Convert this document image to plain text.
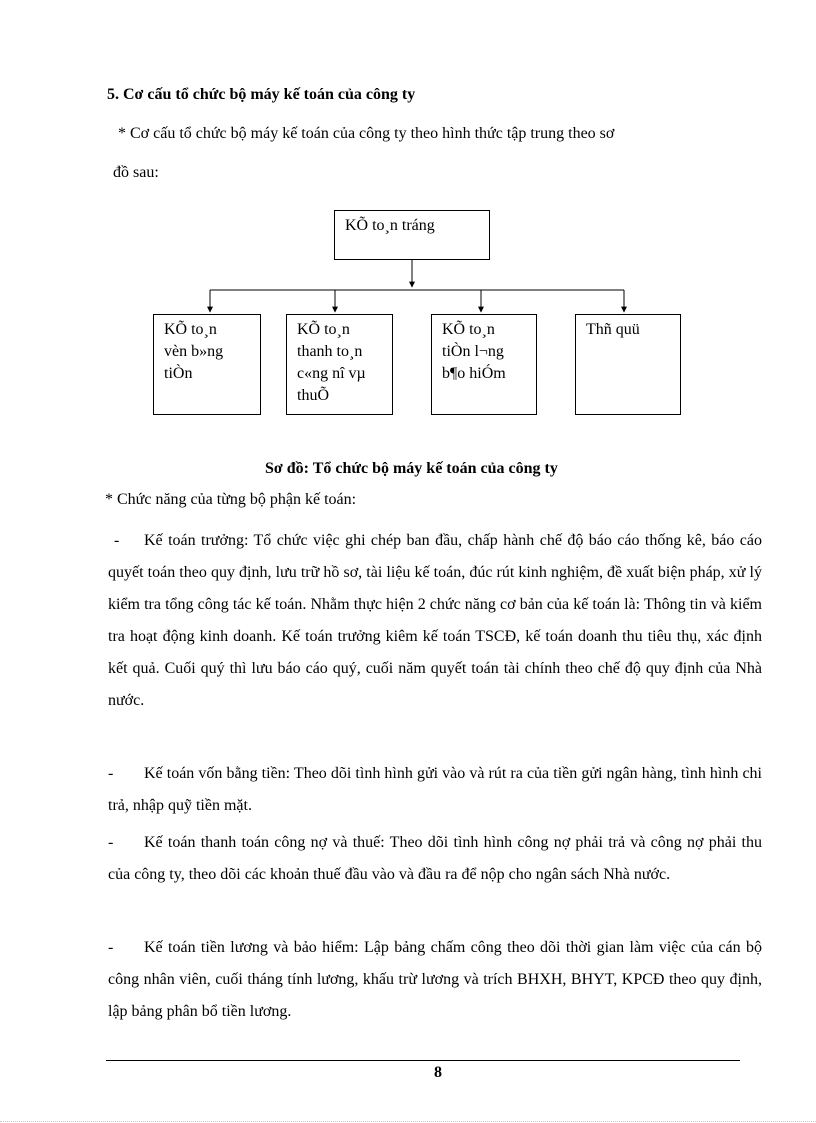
5. Cơ cấu tổ chức bộ máy kế toán của công ty
* Cơ cấu tổ chức bộ máy kế toán của công ty theo hình thức tập trung theo sơ
đồ sau:
KÕ to¸n tráng
KÕ to¸n
vèn b»ng
tiÒn
KÕ to¸n
thanh to¸n
c«ng nî vµ
thuÕ
KÕ to¸n
tiÒn l¬ng
b¶o hiÓm
Thñ quü
Sơ đồ: Tổ chức bộ máy kế toán của công ty
* Chức năng của từng bộ phận kế toán:

- Kế toán trưởng: Tổ chức việc ghi chép ban đầu, chấp hành chế độ báo cáo thống kê, báo cáo quyết toán theo quy định, lưu trữ hồ sơ, tài liệu kế toán, đúc rút kinh nghiệm, đề xuất biện pháp, xử lý kiểm tra tổng công tác kế toán. Nhằm thực hiện 2 chức năng cơ bản của kế toán là: Thông tin và kiểm tra hoạt động kinh doanh. Kế toán trưởng kiêm kế toán TSCĐ, kế toán doanh thu tiêu thụ, xác định kết quả. Cuối quý thì lưu báo cáo quý, cuối năm quyết toán tài chính theo chế độ quy định của Nhà nước.

- Kế toán vốn bằng tiền: Theo dõi tình hình gửi vào và rút ra của tiền gửi ngân hàng, tình hình chi trả, nhập quỹ tiền mặt.

- Kế toán thanh toán công nợ và thuế: Theo dõi tình hình công nợ phải trả và công nợ phải thu của công ty, theo dõi các khoản thuế đầu vào và đầu ra để nộp cho ngân sách Nhà nước.

- Kế toán tiền lương và bảo hiểm: Lập bảng chấm công theo dõi thời gian làm việc của cán bộ công nhân viên, cuối tháng tính lương, khấu trừ lương và trích BHXH, BHYT, KPCĐ theo quy định, lập bảng phân bổ tiền lương.

8
